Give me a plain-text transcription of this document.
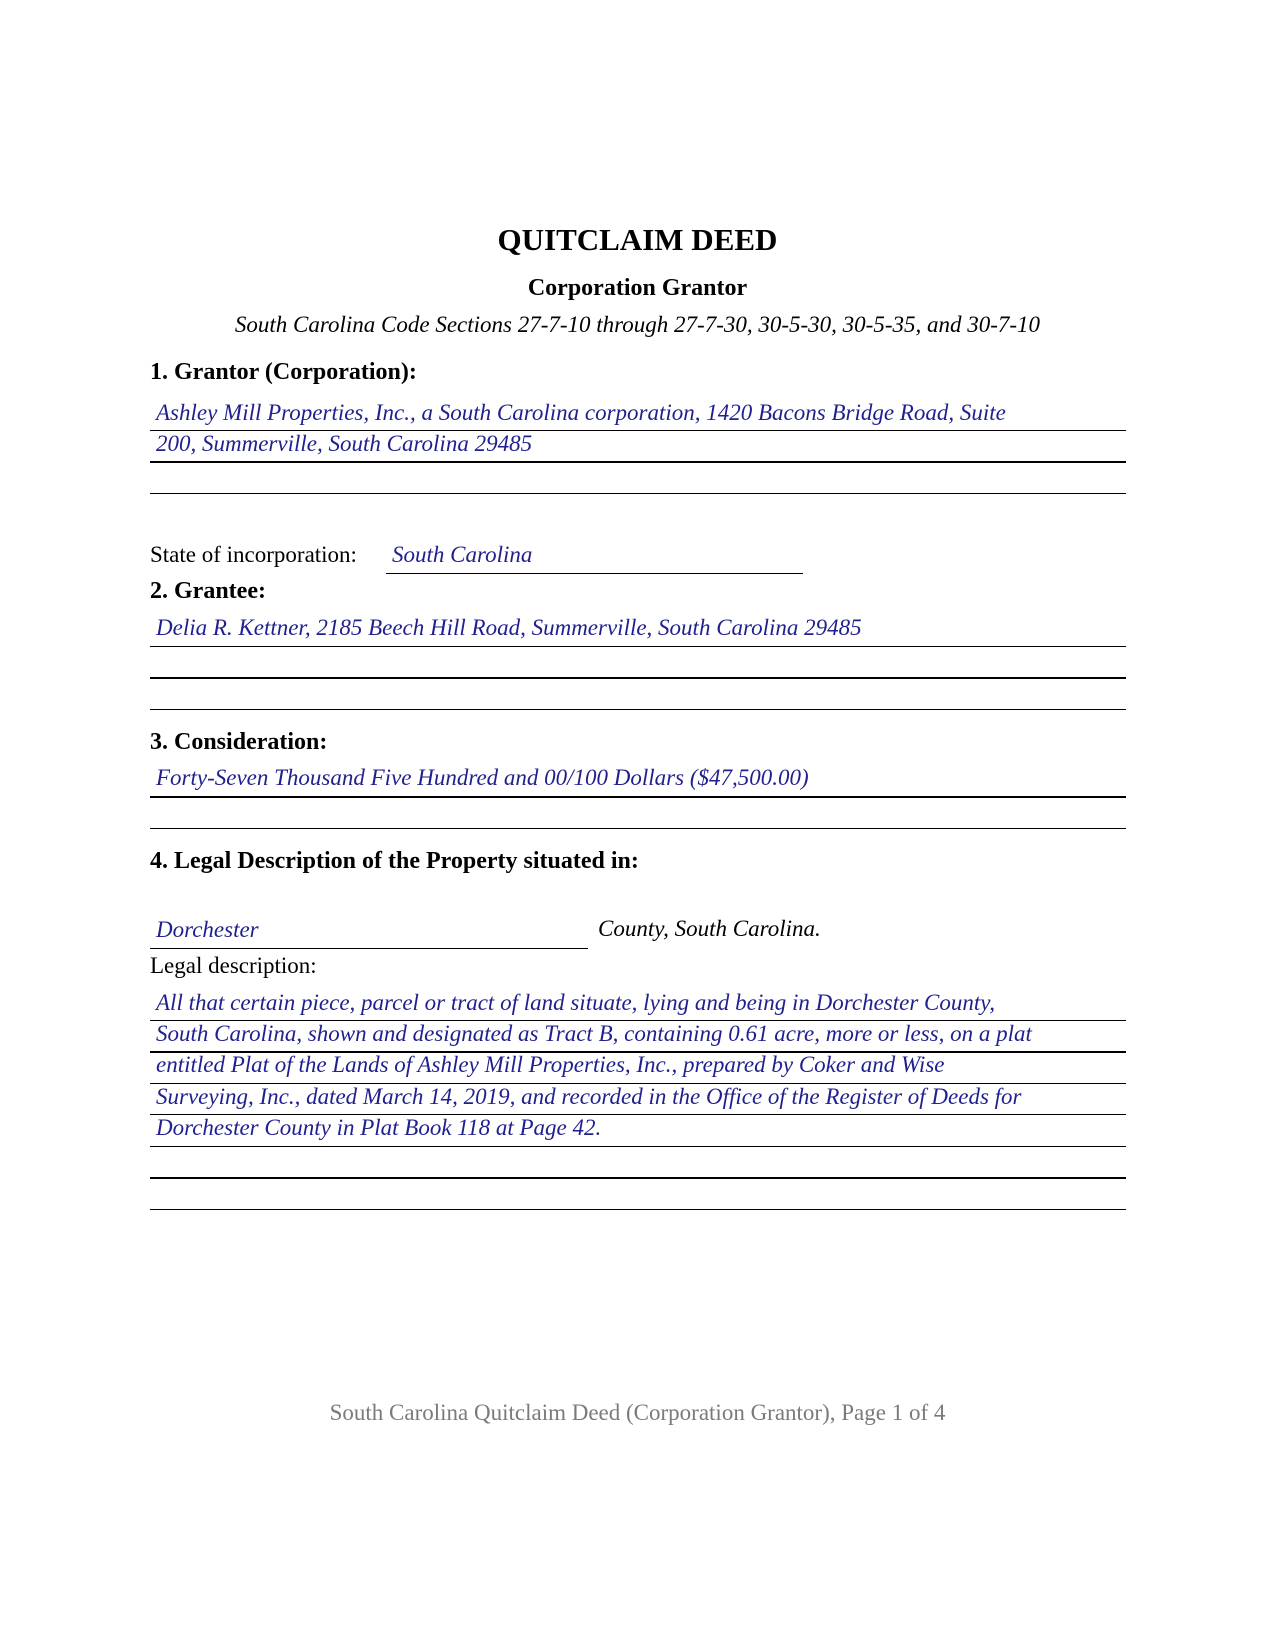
QUITCLAIM DEED
Corporation Grantor
South Carolina Code Sections 27-7-10 through 27-7-30, 30-5-30, 30-5-35, and 30-7-10
1. Grantor (Corporation):
Ashley Mill Properties, Inc., a South Carolina corporation, 1420 Bacons Bridge Road, Suite
200, Summerville, South Carolina 29485
State of incorporation: South Carolina
2. Grantee:
Delia R. Kettner, 2185 Beech Hill Road, Summerville, South Carolina 29485
3. Consideration:
Forty-Seven Thousand Five Hundred and 00/100 Dollars ($47,500.00)
4. Legal Description of the Property situated in:
Dorchester	County, South Carolina.
Legal description:
All that certain piece, parcel or tract of land situate, lying and being in Dorchester County,
South Carolina, shown and designated as Tract B, containing 0.61 acre, more or less, on a plat
entitled Plat of the Lands of Ashley Mill Properties, Inc., prepared by Coker and Wise
Surveying, Inc., dated March 14, 2019, and recorded in the Office of the Register of Deeds for
Dorchester County in Plat Book 118 at Page 42.
South Carolina Quitclaim Deed (Corporation Grantor), Page 1 of 4
